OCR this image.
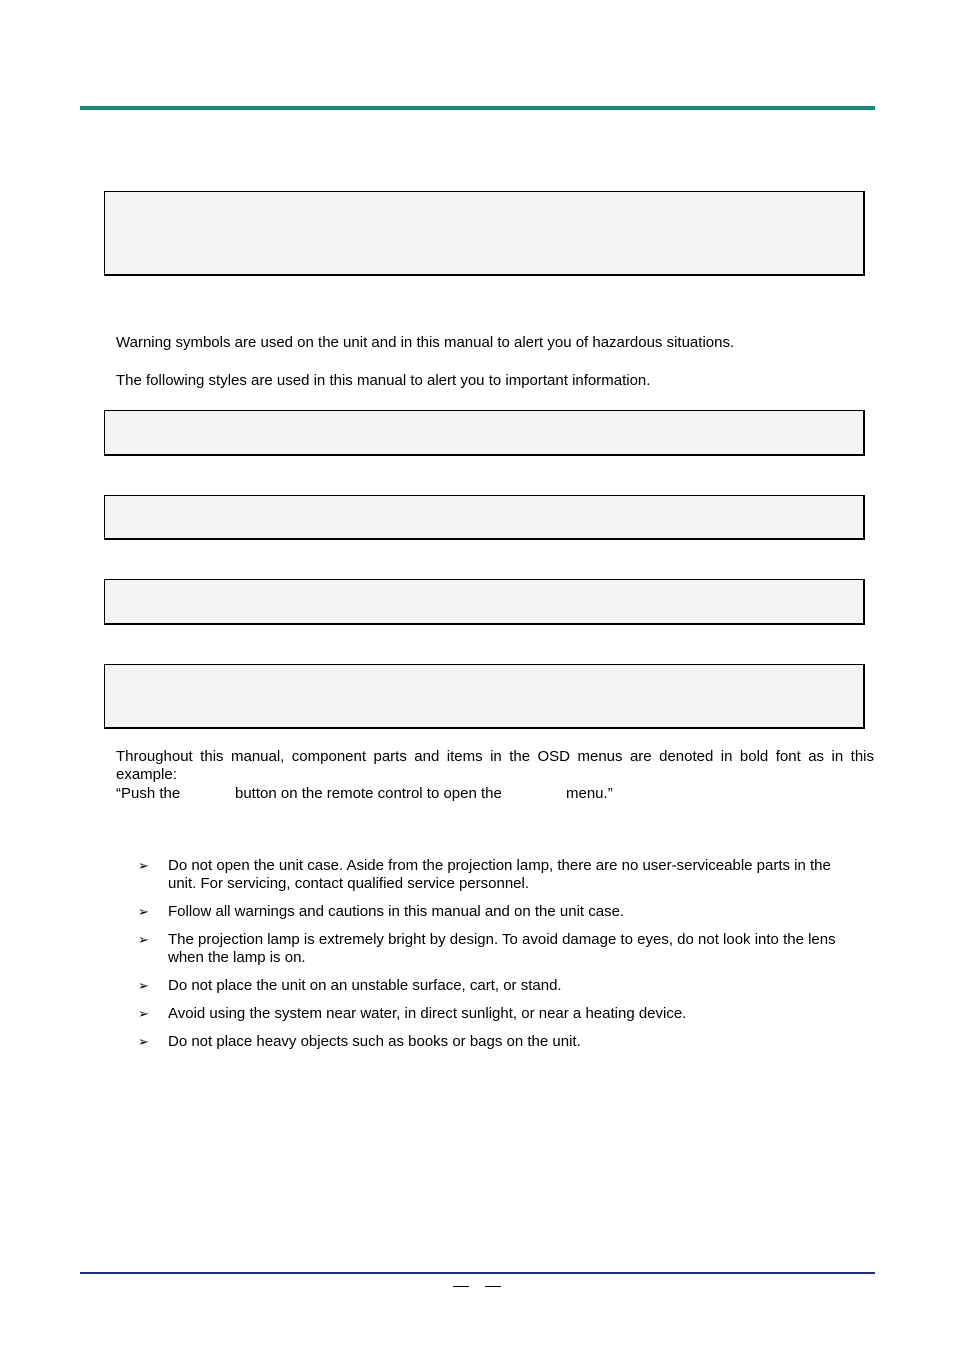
Warning symbols are used on the unit and in this manual to alert you of hazardous situations.

The following styles are used in this manual to alert you to important information.

Throughout this manual, component parts and items in the OSD menus are denoted in bold font as in this example:

“Push the	button on the remote control to open the	menu.”
➢ Do not open the unit case. Aside from the projection lamp, there are no user-serviceable parts in the unit. For servicing, contact qualified service personnel.
➢ Follow all warnings and cautions in this manual and on the unit case.
➢ The projection lamp is extremely bright by design. To avoid damage to eyes, do not look into the lens when the lamp is on.
➢ Do not place the unit on an unstable surface, cart, or stand.
➢ Avoid using the system near water, in direct sunlight, or near a heating device.
➢ Do not place heavy objects such as books or bags on the unit.
